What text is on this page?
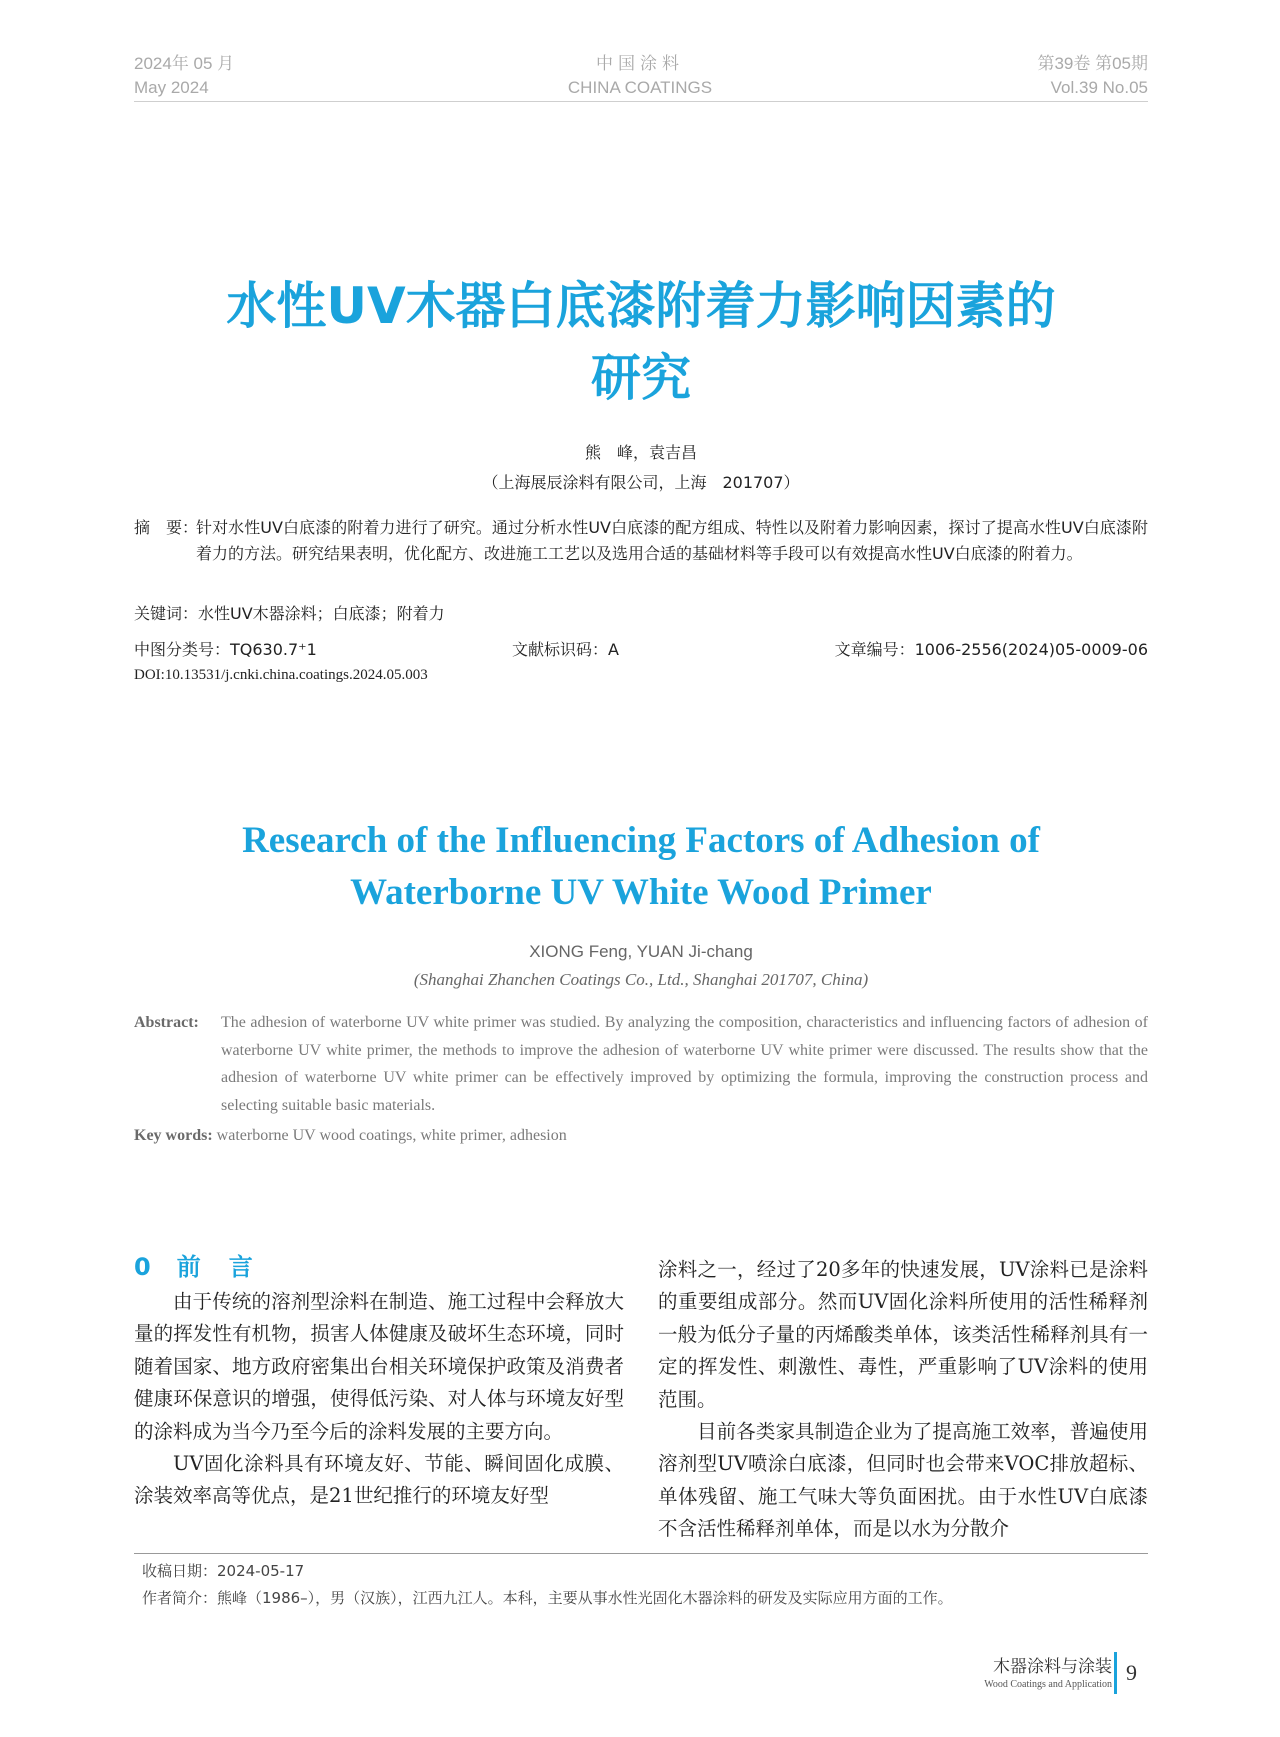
2024年 05 月
May 2024
中国涂料
CHINA COATINGS
第39卷 第05期
Vol.39 No.05
水性UV木器白底漆附着力影响因素的
研究
熊　峰，袁吉昌
（上海展辰涂料有限公司，上海　201707）
摘　要：
针对水性UV白底漆的附着力进行了研究。通过分析水性UV白底漆的配方组成、特性以及附着力影响因素，探讨了提高水性UV白底漆附着力的方法。研究结果表明，优化配方、改进施工工艺以及选用合适的基础材料等手段可以有效提高水性UV白底漆的附着力。
关键词：水性UV木器涂料；白底漆；附着力
中图分类号：TQ630.7⁺1	文献标识码：A	文章编号：1006-2556(2024)05-0009-06
DOI:10.13531/j.cnki.china.coatings.2024.05.003
Research of the Influencing Factors of Adhesion of
Waterborne UV White Wood Primer
XIONG Feng, YUAN Ji-chang
(Shanghai Zhanchen Coatings Co., Ltd., Shanghai 201707, China)
Abstract: The adhesion of waterborne UV white primer was studied. By analyzing the composition, characteristics and influencing factors of adhesion of waterborne UV white primer, the methods to improve the adhesion of waterborne UV white primer were discussed. The results show that the adhesion of waterborne UV white primer can be effectively improved by optimizing the formula, improving the construction process and selecting suitable basic materials.
Key words: waterborne UV wood coatings, white primer, adhesion
0 前言

由于传统的溶剂型涂料在制造、施工过程中会释放大量的挥发性有机物，损害人体健康及破坏生态环境，同时随着国家、地方政府密集出台相关环境保护政策及消费者健康环保意识的增强，使得低污染、对人体与环境友好型的涂料成为当今乃至今后的涂料发展的主要方向。

UV固化涂料具有环境友好、节能、瞬间固化成膜、涂装效率高等优点，是21世纪推行的环境友好型

涂料之一，经过了20多年的快速发展，UV涂料已是涂料的重要组成部分。然而UV固化涂料所使用的活性稀释剂一般为低分子量的丙烯酸类单体，该类活性稀释剂具有一定的挥发性、刺激性、毒性，严重影响了UV涂料的使用范围。

目前各类家具制造企业为了提高施工效率，普遍使用溶剂型UV喷涂白底漆，但同时也会带来VOC排放超标、单体残留、施工气味大等负面困扰。由于水性UV白底漆不含活性稀释剂单体，而是以水为分散介

收稿日期：2024-05-17
作者简介：熊峰（1986–），男（汉族），江西九江人。本科，主要从事水性光固化木器涂料的研发及实际应用方面的工作。
木器涂料与涂装
Wood Coatings and Application 9
